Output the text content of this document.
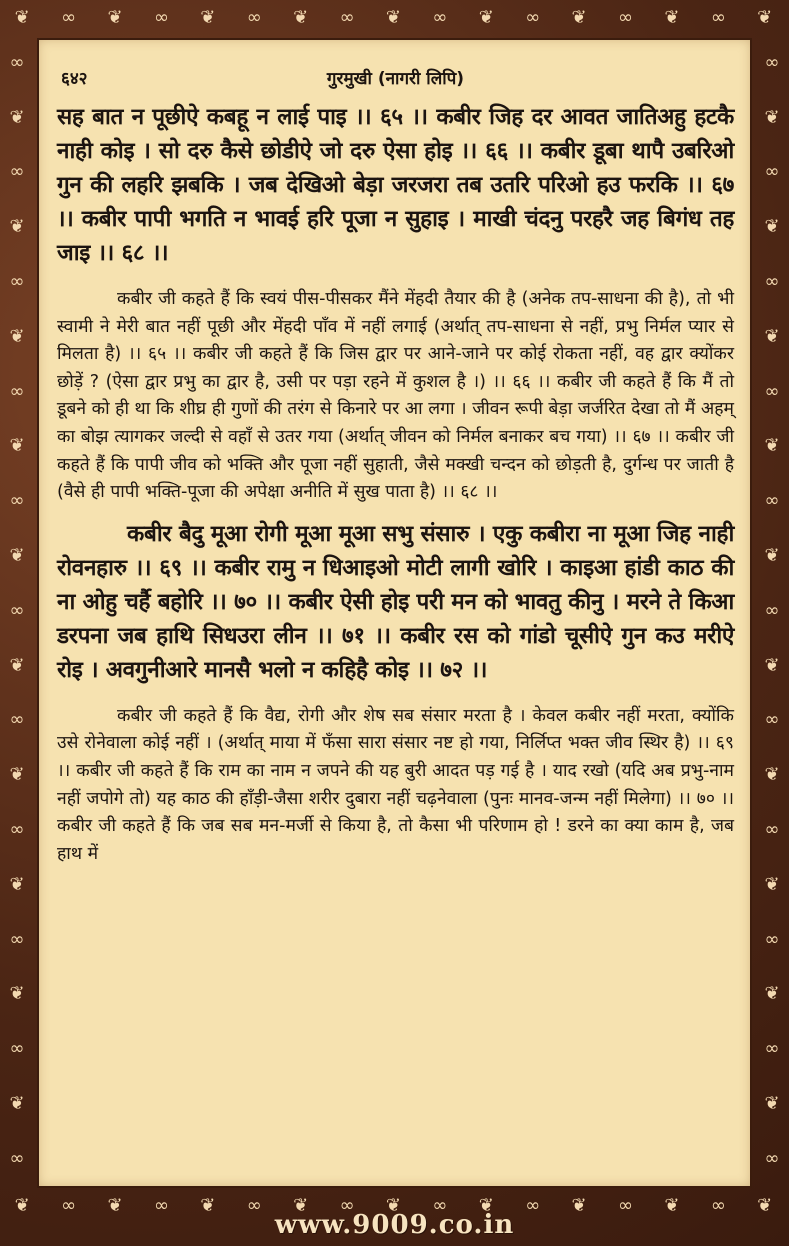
❦ ∞ ❦ ∞ ❦ ∞ ❦ ∞ ❦ ∞ ❦ ∞ ❦ ∞ ❦ ∞ ❦
∞
❦
∞
❦
∞
❦
∞
❦
∞
❦
∞
❦
∞
❦
∞
❦
∞
❦
∞
❦
∞
∞
❦
∞
❦
∞
❦
∞
❦
∞
❦
∞
❦
∞
❦
∞
❦
∞
❦
∞
❦
∞
❦ ∞ ❦ ∞ ❦ ∞ ❦ ∞ ❦ ∞ ❦ ∞ ❦ ∞ ❦ ∞ ❦
६४२	गुरमुखी (नागरी लिपि)

सह बात न पूछीऐ कबहू न लाई पाइ ।। ६५ ।। कबीर जिह दर आवत जातिअहु हटकै नाही कोइ । सो दरु कैसे छोडीऐ जो दरु ऐसा होइ ।। ६६ ।। कबीर डूबा थापै उबरिओ गुन की लहरि झबकि । जब देखिओ बेड़ा जरजरा तब उतरि परिओ हउ फरकि ।। ६७ ।। कबीर पापी भगति न भावई हरि पूजा न सुहाइ । माखी चंदनु परहरै जह बिगंध तह जाइ ।। ६८ ।।

कबीर जी कहते हैं कि स्वयं पीस-पीसकर मैंने मेंहदी तैयार की है (अनेक तप-साधना की है), तो भी स्वामी ने मेरी बात नहीं पूछी और मेंहदी पाँव में नहीं लगाई (अर्थात् तप-साधना से नहीं, प्रभु निर्मल प्यार से मिलता है) ।। ६५ ।। कबीर जी कहते हैं कि जिस द्वार पर आने-जाने पर कोई रोकता नहीं, वह द्वार क्योंकर छोड़ें ? (ऐसा द्वार प्रभु का द्वार है, उसी पर पड़ा रहने में कुशल है ।) ।। ६६ ।। कबीर जी कहते हैं कि मैं तो डूबने को ही था कि शीघ्र ही गुणों की तरंग से किनारे पर आ लगा । जीवन रूपी बेड़ा जर्जरित देखा तो मैं अहम् का बोझ त्यागकर जल्दी से वहाँ से उतर गया (अर्थात् जीवन को निर्मल बनाकर बच गया) ।। ६७ ।। कबीर जी कहते हैं कि पापी जीव को भक्ति और पूजा नहीं सुहाती, जैसे मक्खी चन्दन को छोड़ती है, दुर्गन्ध पर जाती है (वैसे ही पापी भक्ति-पूजा की अपेक्षा अनीति में सुख पाता है) ।। ६८ ।।

कबीर बैदु मूआ रोगी मूआ मूआ सभु संसारु । एकु कबीरा ना मूआ जिह नाही रोवनहारु ।। ६९ ।। कबीर रामु न धिआइओ मोटी लागी खोरि । काइआ हांडी काठ की ना ओहु चर्है बहोरि ।। ७० ।। कबीर ऐसी होइ परी मन को भावतु कीनु । मरने ते किआ डरपना जब हाथि सिधउरा लीन ।। ७१ ।। कबीर रस को गांडो चूसीऐ गुन कउ मरीऐ रोइ । अवगुनीआरे मानसै भलो न कहिहै कोइ ।। ७२ ।।

कबीर जी कहते हैं कि वैद्य, रोगी और शेष सब संसार मरता है । केवल कबीर नहीं मरता, क्योंकि उसे रोनेवाला कोई नहीं । (अर्थात् माया में फँसा सारा संसार नष्ट हो गया, निर्लिप्त भक्त जीव स्थिर है) ।। ६९ ।। कबीर जी कहते हैं कि राम का नाम न जपने की यह बुरी आदत पड़ गई है । याद रखो (यदि अब प्रभु-नाम नहीं जपोगे तो) यह काठ की हाँड़ी-जैसा शरीर दुबारा नहीं चढ़नेवाला (पुनः मानव-जन्म नहीं मिलेगा) ।। ७० ।। कबीर जी कहते हैं कि जब सब मन-मर्जी से किया है, तो कैसा भी परिणाम हो ! डरने का क्या काम है, जब हाथ में

www.9009.co.in
